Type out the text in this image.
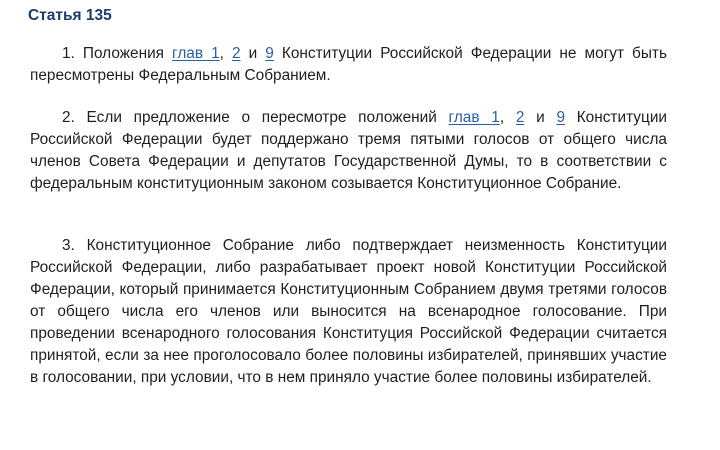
Статья 135

1. Положения глав 1, 2 и 9 Конституции Российской Федерации не могут быть пересмотрены Федеральным Собранием.

2. Если предложение о пересмотре положений глав 1, 2 и 9 Конституции Российской Федерации будет поддержано тремя пятыми голосов от общего числа членов Совета Федерации и депутатов Государственной Думы, то в соответствии с федеральным конституционным законом созывается Конституционное Собрание.

3. Конституционное Собрание либо подтверждает неизменность Конституции Российской Федерации, либо разрабатывает проект новой Конституции Российской Федерации, который принимается Конституционным Собранием двумя третями голосов от общего числа его членов или выносится на всенародное голосование. При проведении всенародного голосования Конституция Российской Федерации считается принятой, если за нее проголосовало более половины избирателей, принявших участие в голосовании, при условии, что в нем приняло участие более половины избирателей.
